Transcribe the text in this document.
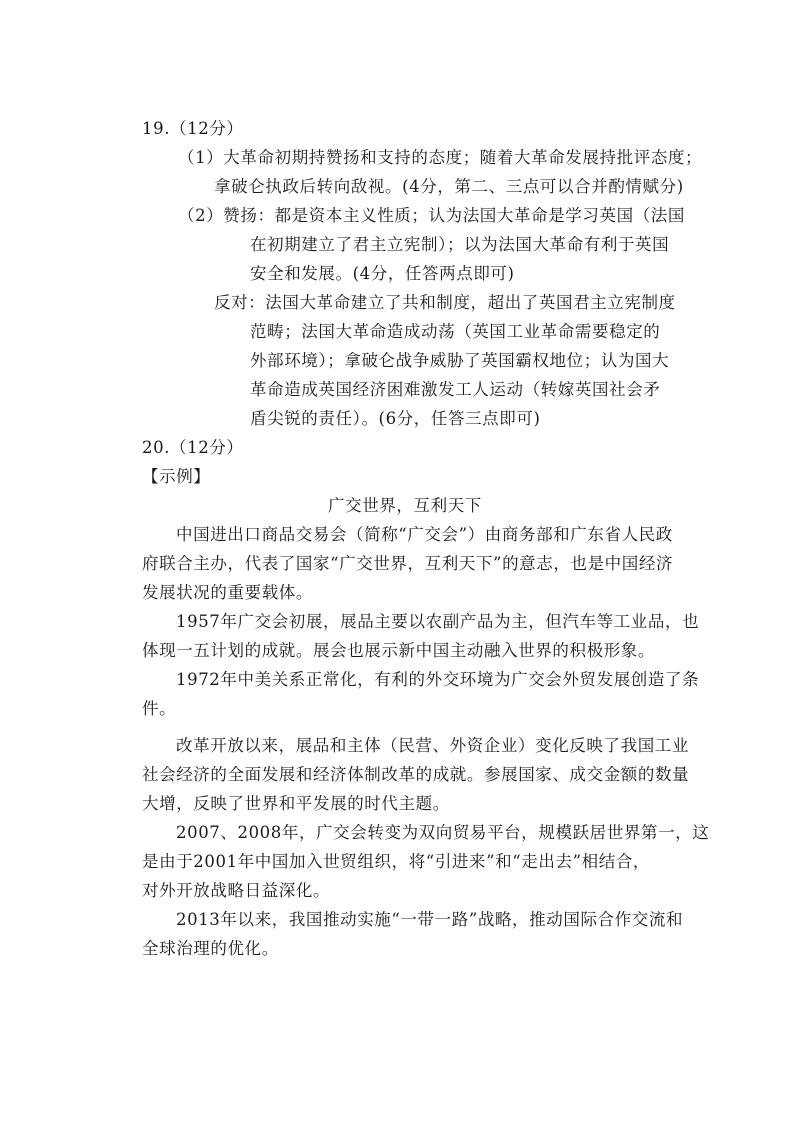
19.（12分）
（1）大革命初期持赞扬和支持的态度；随着大革命发展持批评态度；
拿破仑执政后转向敌视。(4分，第二、三点可以合并酌情赋分)
（2）赞扬：都是资本主义性质；认为法国大革命是学习英国（法国
在初期建立了君主立宪制）；以为法国大革命有利于英国
安全和发展。(4分，任答两点即可)
反对：法国大革命建立了共和制度，超出了英国君主立宪制度
范畴；法国大革命造成动荡（英国工业革命需要稳定的
外部环境）；拿破仑战争威胁了英国霸权地位；认为国大
革命造成英国经济困难激发工人运动（转嫁英国社会矛
盾尖锐的责任）。(6分，任答三点即可)
20.（12分）
【示例】
广交世界，互利天下
中国进出口商品交易会（简称“广交会”）由商务部和广东省人民政
府联合主办，代表了国家“广交世界，互利天下”的意志，也是中国经济
发展状况的重要载体。
1957年广交会初展，展品主要以农副产品为主，但汽车等工业品，也
体现一五计划的成就。展会也展示新中国主动融入世界的积极形象。
1972年中美关系正常化，有利的外交环境为广交会外贸发展创造了条
件。
改革开放以来，展品和主体（民营、外资企业）变化反映了我国工业
社会经济的全面发展和经济体制改革的成就。参展国家、成交金额的数量
大增，反映了世界和平发展的时代主题。
2007、2008年，广交会转变为双向贸易平台，规模跃居世界第一，这
是由于2001年中国加入世贸组织，将“引进来”和“走出去”相结合，
对外开放战略日益深化。
2013年以来，我国推动实施“一带一路”战略，推动国际合作交流和
全球治理的优化。
